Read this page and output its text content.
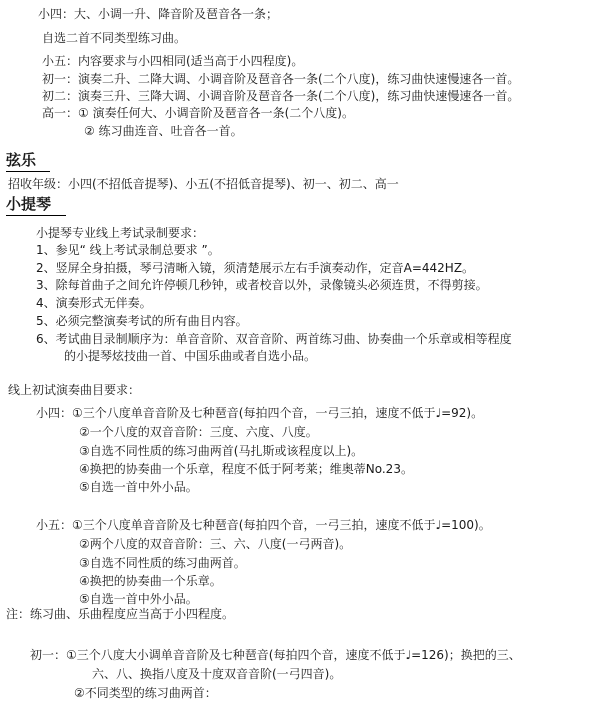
小四：大、小调一升、降音阶及琶音各一条；
自选二首不同类型练习曲。
小五：内容要求与小四相同(适当高于小四程度)。
初一：演奏二升、二降大调、小调音阶及琶音各一条(二个八度)，练习曲快速慢速各一首。
初二：演奏三升、三降大调、小调音阶及琶音各一条(二个八度)，练习曲快速慢速各一首。
高一：① 演奏任何大、小调音阶及琶音各一条(二个八度)。
② 练习曲连音、吐音各一首。
弦乐
招收年级：小四(不招低音提琴)、小五(不招低音提琴)、初一、初二、高一
小提琴
小提琴专业线上考试录制要求：
1、参见“ 线上考试录制总要求 ”。
2、竖屏全身拍摄，琴弓清晰入镜，须清楚展示左右手演奏动作，定音A=442HZ。
3、除每首曲子之间允许停顿几秒钟，或者校音以外，录像镜头必须连贯，不得剪接。
4、演奏形式无伴奏。
5、必须完整演奏考试的所有曲目内容。
6、考试曲目录制顺序为：单音音阶、双音音阶、两首练习曲、协奏曲一个乐章或相等程度
的小提琴炫技曲一首、中国乐曲或者自选小品。
线上初试演奏曲目要求：
小四：①三个八度单音音阶及七种琶音(每拍四个音，一弓三拍，速度不低于♩=92)。
②一个八度的双音音阶：三度、六度、八度。
③自选不同性质的练习曲两首(马扎斯或该程度以上)。
④换把的协奏曲一个乐章，程度不低于阿考莱；维奥蒂No.23。
⑤自选一首中外小品。
小五：①三个八度单音音阶及七种琶音(每拍四个音，一弓三拍，速度不低于♩=100)。
②两个八度的双音音阶：三、六、八度(一弓两音)。
③自选不同性质的练习曲两首。
④换把的协奏曲一个乐章。
⑤自选一首中外小品。
注：练习曲、乐曲程度应当高于小四程度。
初一：①三个八度大小调单音音阶及七种琶音(每拍四个音，速度不低于♩=126)；换把的三、
六、八、换指八度及十度双音音阶(一弓四音)。
②不同类型的练习曲两首：
